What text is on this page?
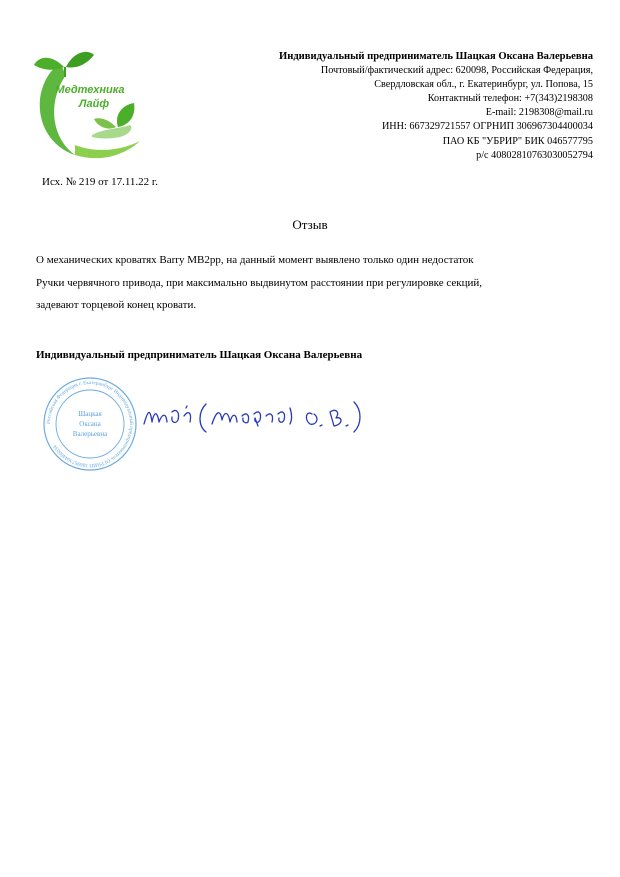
Медтехника
Лайф
Индивидуальный предприниматель Шацкая Оксана Валерьевна
Почтовый/фактический адрес: 620098, Российская Федерация,
Свердловская обл., г. Екатеринбург, ул. Попова, 15
Контактный телефон: +7(343)2198308
E-mail: 2198308@mail.ru
ИНН: 667329721557 ОГРНИП 306967304400034
ПАО КБ "УБРИР" БИК 046577795
р/с 40802810763030052794
Исх. № 219 от 17.11.22 г.
Отзыв

О механических кроватях Barry MB2pp, на данный момент выявлено только один недостаток

Ручки червячного привода, при максимально выдвинутом расстоянии при регулировке секций,

задевают торцевой конец кровати.

Индивидуальный предприниматель Шацкая Оксана Валерьевна
Российская Федерация г. Екатеринбург Индивидуальный предприниматель ОГРНИП 306967304400034
Шацкая
Оксана
Валерьевна
